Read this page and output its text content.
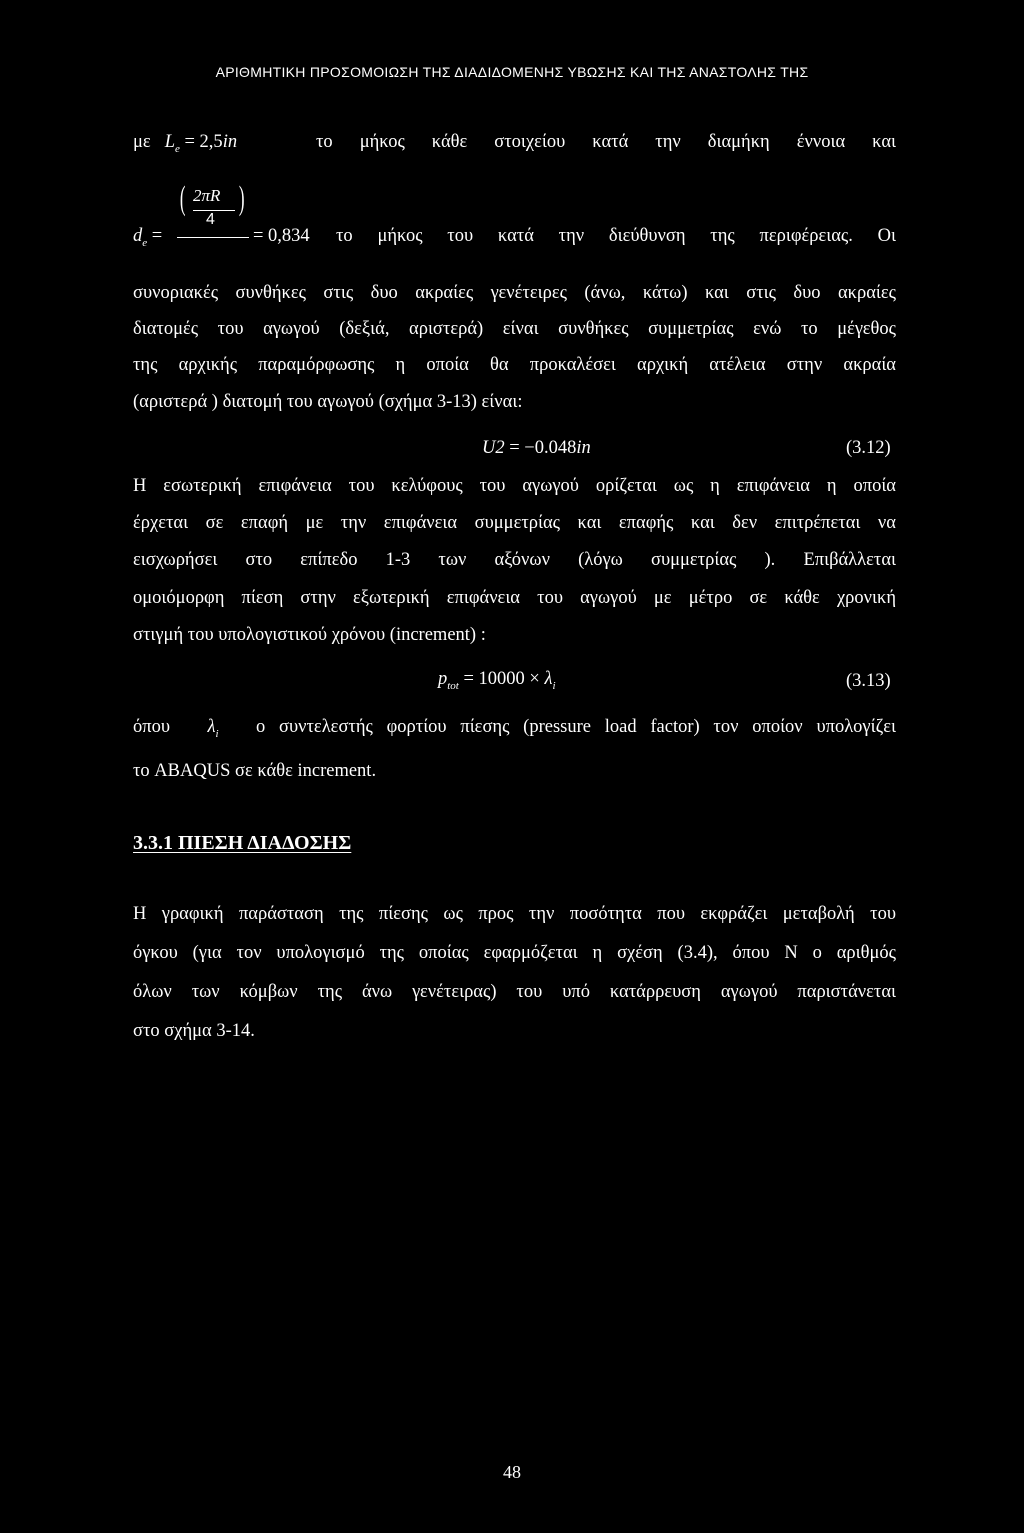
ΑΡΙΘΜΗΤΙΚΗ ΠΡΟΣΟΜΟΙΩΣΗ ΤΗΣ ΔΙΑΔΙΔΟΜΕΝΗΣ ΥΒΩΣΗΣ ΚΑΙ ΤΗΣ ΑΝΑΣΤΟΛΗΣ ΤΗΣ
με $L_e = 2,5in$	το μήκος κάθε στοιχείου κατά την διαμήκη έννοια και
$d_e$ =
( 2πR
4
)
= 0,834 το μήκος του κατά την διεύθυνση της περιφέρειας. Οι
συνοριακές συνθήκες στις δυο ακραίες γενέτειρες (άνω, κάτω) και στις δυο ακραίες
διατομές του αγωγού (δεξιά, αριστερά) είναι συνθήκες συμμετρίας ενώ το μέγεθος
της αρχικής παραμόρφωσης η οποία θα προκαλέσει αρχική ατέλεια στην ακραία
(αριστερά ) διατομή του αγωγού (σχήμα 3-13) είναι:
U2 = −0.048in	(3.12)
Η εσωτερική επιφάνεια του κελύφους του αγωγού ορίζεται ως η επιφάνεια η οποία
έρχεται σε επαφή με την επιφάνεια συμμετρίας και επαφής και δεν επιτρέπεται να
εισχωρήσει στο επίπεδο 1-3 των αξόνων (λόγω συμμετρίας ). Επιβάλλεται
ομοιόμορφη πίεση στην εξωτερική επιφάνεια του αγωγού με μέτρο σε κάθε χρονική
στιγμή του υπολογιστικού χρόνου (increment) :
$p_{tot} = 10000 \times \lambda_i$	(3.13)
όπου $\lambda_i$ ο συντελεστής φορτίου πίεσης (pressure load factor) τον οποίον υπολογίζει
το ABAQUS σε κάθε increment.
3.3.1 ΠΙΕΣΗ ΔΙΑΔΟΣΗΣ
Η γραφική παράσταση της πίεσης ως προς την ποσότητα που εκφράζει μεταβολή του
όγκου (για τον υπολογισμό της οποίας εφαρμόζεται η σχέση (3.4), όπου Ν ο αριθμός
όλων των κόμβων της άνω γενέτειρας) του υπό κατάρρευση αγωγού παριστάνεται
στο σχήμα 3-14.
48
